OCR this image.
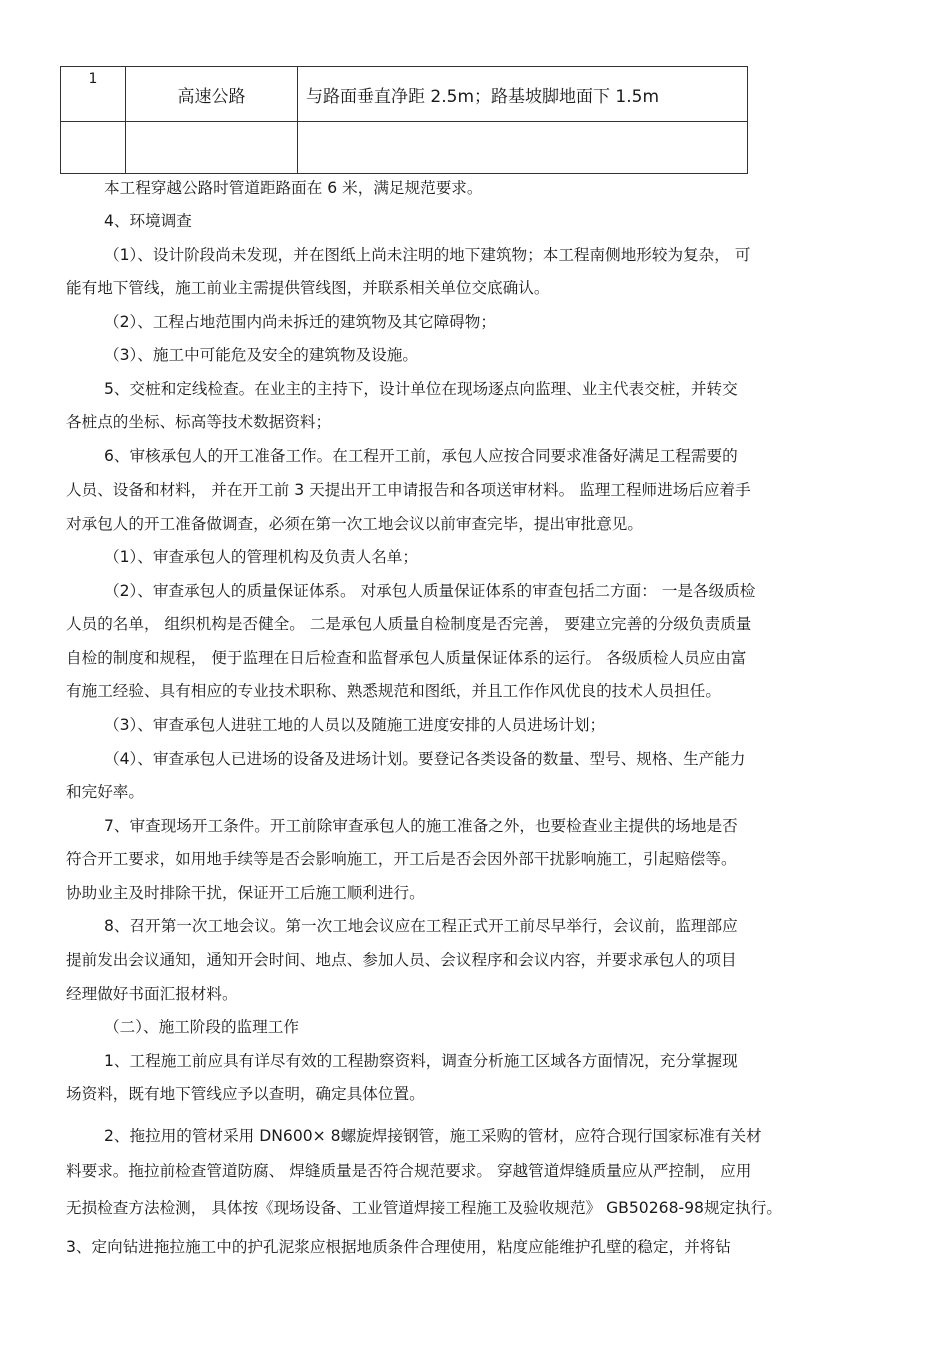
1	高速公路	与路面垂直净距 2.5m；路基坡脚地面下 1.5m

本工程穿越公路时管道距路面在 6 米，满足规范要求。
4、环境调查
（1）、设计阶段尚未发现，并在图纸上尚未注明的地下建筑物；本工程南侧地形较为复杂， 可
能有地下管线，施工前业主需提供管线图，并联系相关单位交底确认。
（2）、工程占地范围内尚未拆迁的建筑物及其它障碍物；
（3）、施工中可能危及安全的建筑物及设施。
5、交桩和定线检查。在业主的主持下，设计单位在现场逐点向监理、业主代表交桩，并转交
各桩点的坐标、标高等技术数据资料；
6、审核承包人的开工准备工作。在工程开工前，承包人应按合同要求准备好满足工程需要的
人员、设备和材料， 并在开工前 3 天提出开工申请报告和各项送审材料。 监理工程师进场后应着手
对承包人的开工准备做调查，必须在第一次工地会议以前审查完毕，提出审批意见。
（1）、审查承包人的管理机构及负责人名单；
（2）、审查承包人的质量保证体系。 对承包人质量保证体系的审查包括二方面： 一是各级质检
人员的名单， 组织机构是否健全。 二是承包人质量自检制度是否完善， 要建立完善的分级负责质量
自检的制度和规程， 便于监理在日后检查和监督承包人质量保证体系的运行。 各级质检人员应由富
有施工经验、具有相应的专业技术职称、熟悉规范和图纸，并且工作作风优良的技术人员担任。
（3）、审查承包人进驻工地的人员以及随施工进度安排的人员进场计划；
（4）、审查承包人已进场的设备及进场计划。要登记各类设备的数量、型号、规格、生产能力
和完好率。
7、审查现场开工条件。开工前除审查承包人的施工准备之外，也要检查业主提供的场地是否
符合开工要求，如用地手续等是否会影响施工，开工后是否会因外部干扰影响施工，引起赔偿等。
协助业主及时排除干扰，保证开工后施工顺利进行。
8、召开第一次工地会议。第一次工地会议应在工程正式开工前尽早举行，会议前，监理部应
提前发出会议通知，通知开会时间、地点、参加人员、会议程序和会议内容，并要求承包人的项目
经理做好书面汇报材料。
（二）、施工阶段的监理工作
1、工程施工前应具有详尽有效的工程勘察资料，调查分析施工区域各方面情况，充分掌握现
场资料，既有地下管线应予以查明，确定具体位置。
2、拖拉用的管材采用 DN600× 8螺旋焊接钢管，施工采购的管材，应符合现行国家标准有关材
料要求。拖拉前检查管道防腐、 焊缝质量是否符合规范要求。 穿越管道焊缝质量应从严控制， 应用
无损检查方法检测， 具体按《现场设备、工业管道焊接工程施工及验收规范》 GB50268-98规定执行。
3、定向钻进拖拉施工中的护孔泥浆应根据地质条件合理使用，粘度应能维护孔壁的稳定，并将钻
